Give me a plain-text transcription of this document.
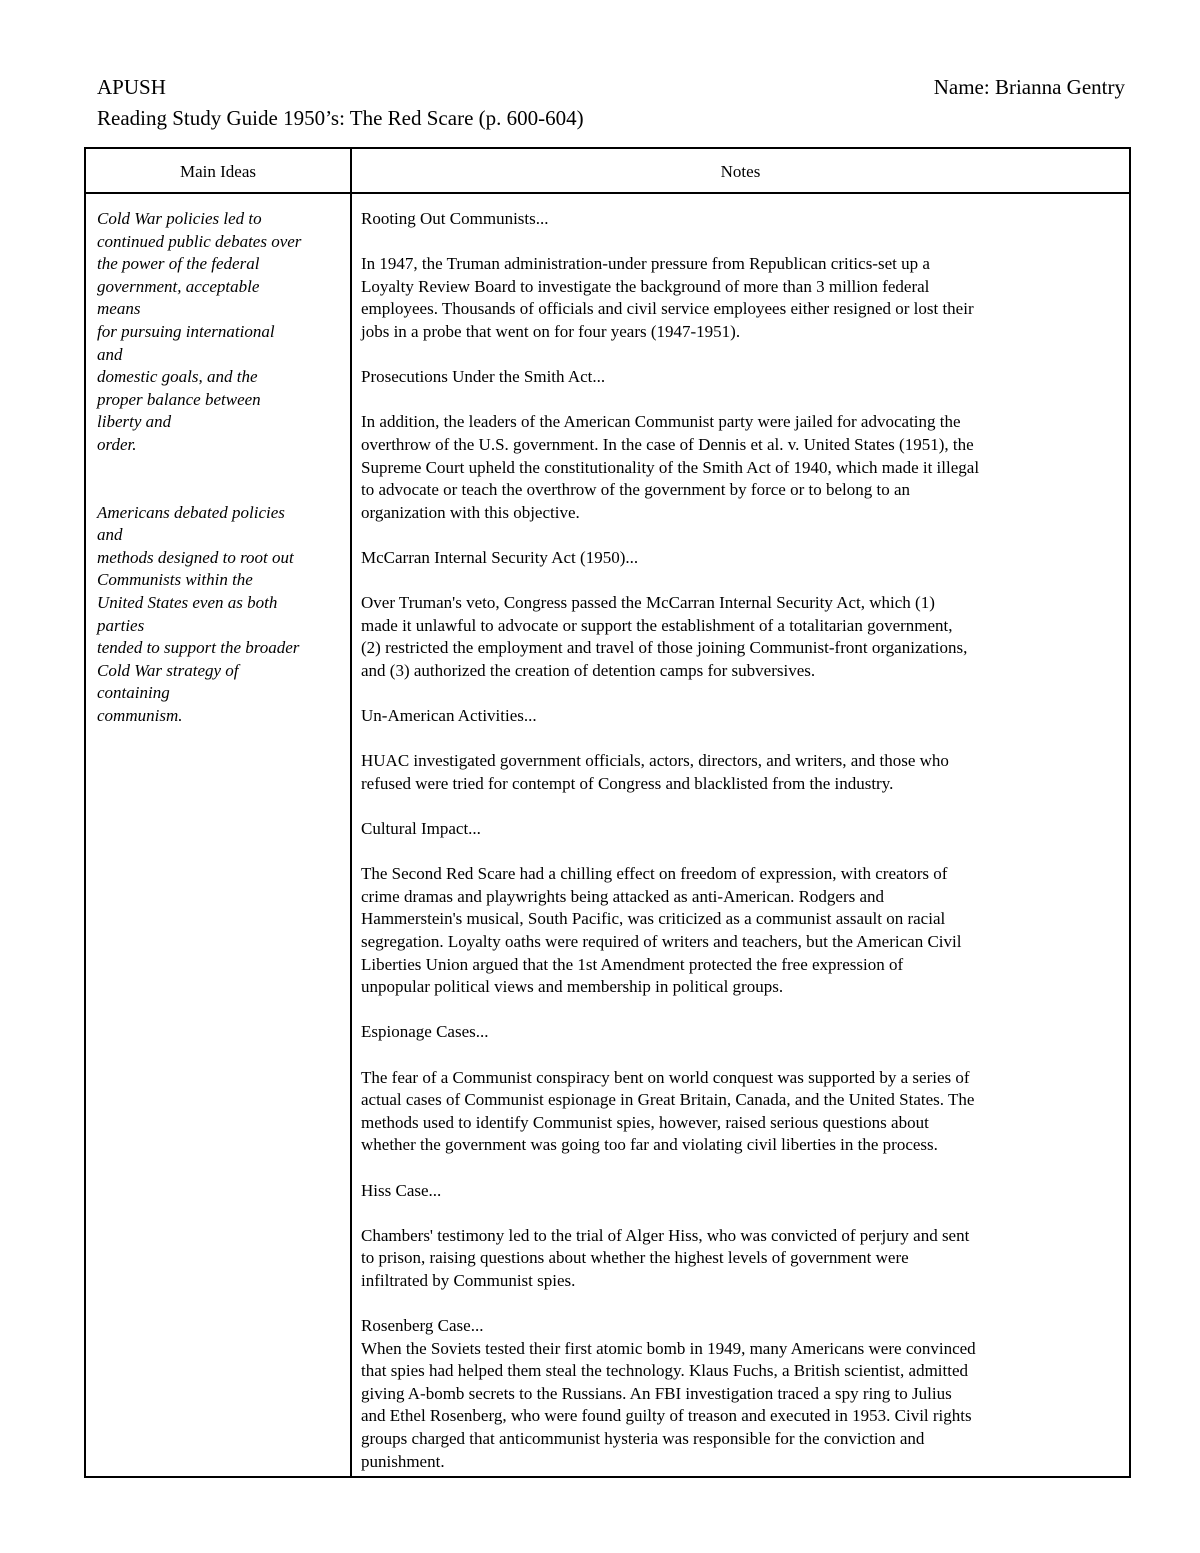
APUSH	Name: Brianna Gentry
Reading Study Guide 1950’s: The Red Scare (p. 600-604)
Main Ideas	Notes
Cold War policies led to
continued public debates over
the power of the federal
government, acceptable
means
for pursuing international
and
domestic goals, and the
proper balance between
liberty and
order.
Americans debated policies
and
methods designed to root out
Communists within the
United States even as both
parties
tended to support the broader
Cold War strategy of
containing
communism.
Rooting Out Communists...
In 1947, the Truman administration-under pressure from Republican critics-set up a
Loyalty Review Board to investigate the background of more than 3 million federal
employees. Thousands of officials and civil service employees either resigned or lost their
jobs in a probe that went on for four years (1947-1951).
Prosecutions Under the Smith Act...
In addition, the leaders of the American Communist party were jailed for advocating the
overthrow of the U.S. government. In the case of Dennis et al. v. United States (1951), the
Supreme Court upheld the constitutionality of the Smith Act of 1940, which made it illegal
to advocate or teach the overthrow of the government by force or to belong to an
organization with this objective.
McCarran Internal Security Act (1950)...
Over Truman's veto, Congress passed the McCarran Internal Security Act, which (1)
made it unlawful to advocate or support the establishment of a totalitarian government,
(2) restricted the employment and travel of those joining Communist-front organizations,
and (3) authorized the creation of detention camps for subversives.
Un-American Activities...
HUAC investigated government officials, actors, directors, and writers, and those who
refused were tried for contempt of Congress and blacklisted from the industry.
Cultural Impact...
The Second Red Scare had a chilling effect on freedom of expression, with creators of
crime dramas and playwrights being attacked as anti-American. Rodgers and
Hammerstein's musical, South Pacific, was criticized as a communist assault on racial
segregation. Loyalty oaths were required of writers and teachers, but the American Civil
Liberties Union argued that the 1st Amendment protected the free expression of
unpopular political views and membership in political groups.
Espionage Cases...
The fear of a Communist conspiracy bent on world conquest was supported by a series of
actual cases of Communist espionage in Great Britain, Canada, and the United States. The
methods used to identify Communist spies, however, raised serious questions about
whether the government was going too far and violating civil liberties in the process.
Hiss Case...
Chambers' testimony led to the trial of Alger Hiss, who was convicted of perjury and sent
to prison, raising questions about whether the highest levels of government were
infiltrated by Communist spies.
Rosenberg Case...
When the Soviets tested their first atomic bomb in 1949, many Americans were convinced
that spies had helped them steal the technology. Klaus Fuchs, a British scientist, admitted
giving A-bomb secrets to the Russians. An FBI investigation traced a spy ring to Julius
and Ethel Rosenberg, who were found guilty of treason and executed in 1953. Civil rights
groups charged that anticommunist hysteria was responsible for the conviction and
punishment.
